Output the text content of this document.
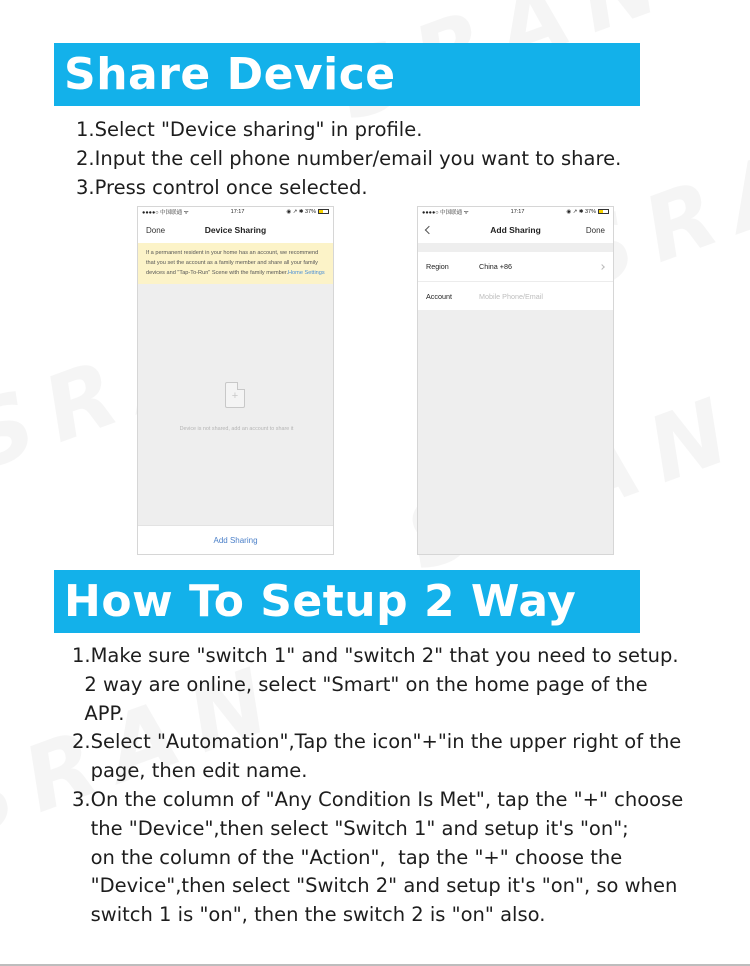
Share Device
1.Select "Device sharing" in profile.
2.Input the cell phone number/email you want to share.
3.Press control once selected.
●●●●○ 中国联通 ᯤ	17:17	◉ ↗ ✱ 37%
Done	Device Sharing
If a permanent resident in your home has an account, we recommend that you set the account as a family member and share all your family devices and "Tap-To-Run" Scene with the family member.Home Settings
+
Device is not shared, add an account to share it
Add Sharing
●●●●○ 中国联通 ᯤ	17:17	◉ ↗ ✱ 37%
Add Sharing	Done
Region	China +86
Account	Mobile Phone/Email
How To Setup 2 Way
1.Make sure "switch 1" and "switch 2" that you need to setup.
2 way are online, select "Smart" on the home page of the
APP.
2.Select "Automation",Tap the icon"+"in the upper right of the
page, then edit name.
3.On the column of "Any Condition Is Met", tap the "+" choose
the "Device",then select "Switch 1" and setup it's "on";
on the column of the "Action",  tap the "+" choose the
"Device",then select "Switch 2" and setup it's "on", so when
switch 1 is "on", then the switch 2 is "on" also.
